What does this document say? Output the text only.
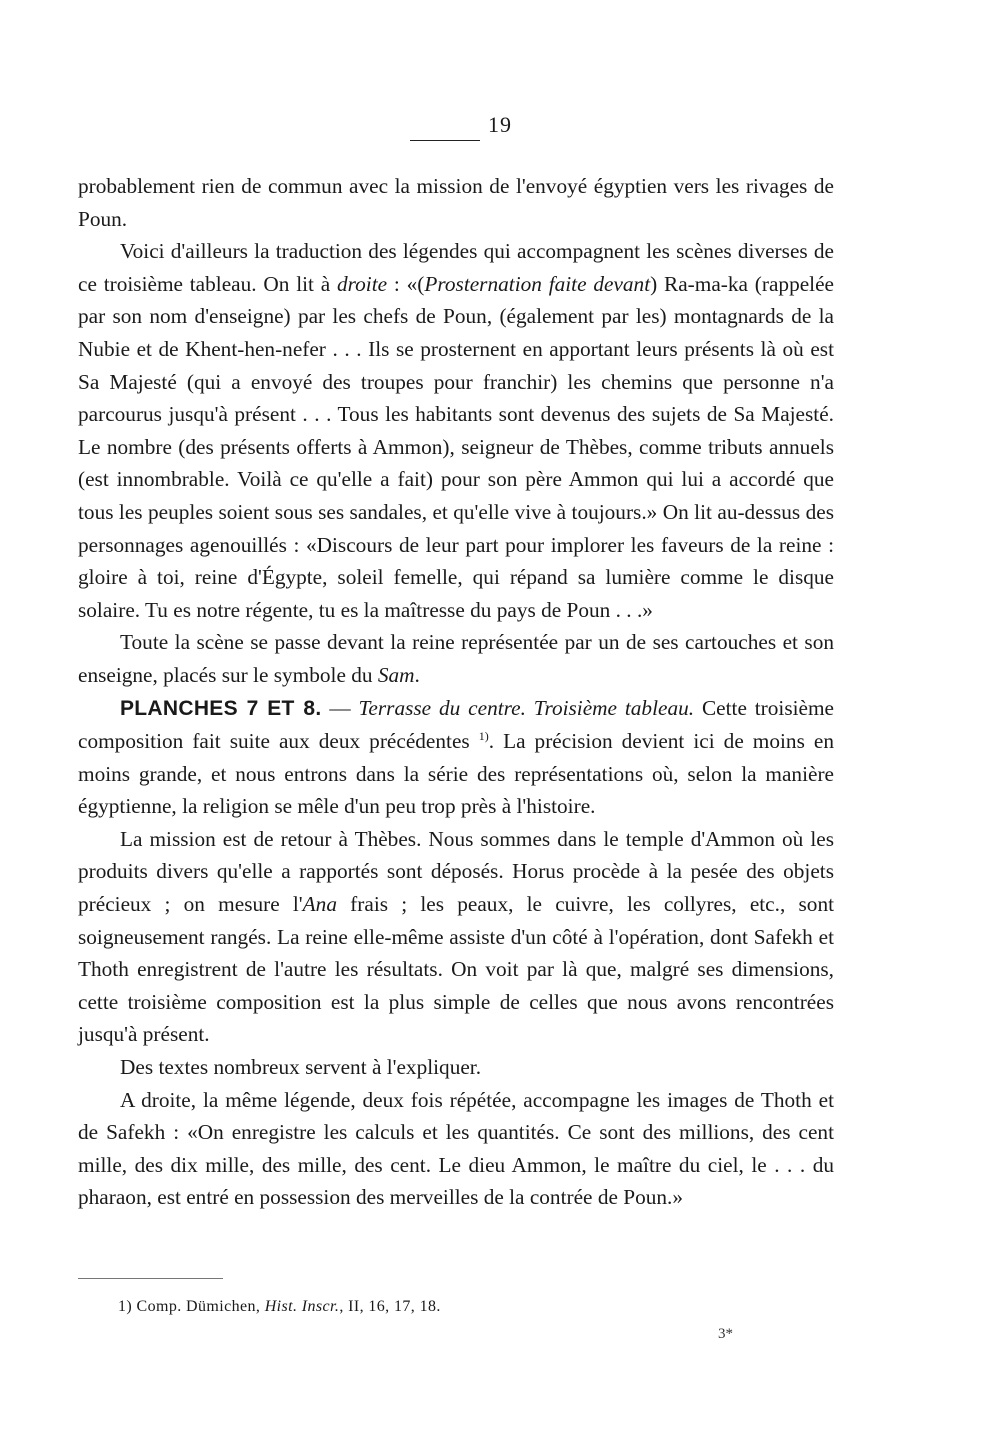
19

probablement rien de commun avec la mission de l'envoyé égyptien vers les rivages de Poun.

Voici d'ailleurs la traduction des légendes qui accompagnent les scènes diverses de ce troisième tableau. On lit à droite : «(Prosternation faite devant) Ra-ma-ka (rappelée par son nom d'enseigne) par les chefs de Poun, (également par les) montagnards de la Nubie et de Khent-hen-nefer . . . Ils se prosternent en apportant leurs présents là où est Sa Majesté (qui a envoyé des troupes pour franchir) les chemins que personne n'a parcourus jusqu'à présent . . . Tous les habitants sont devenus des sujets de Sa Majesté. Le nombre (des présents offerts à Ammon), seigneur de Thèbes, comme tributs annuels (est innombrable. Voilà ce qu'elle a fait) pour son père Ammon qui lui a accordé que tous les peuples soient sous ses sandales, et qu'elle vive à toujours.» On lit au-dessus des personnages agenouillés : «Discours de leur part pour implorer les faveurs de la reine : gloire à toi, reine d'Égypte, soleil femelle, qui répand sa lumière comme le disque solaire. Tu es notre régente, tu es la maîtresse du pays de Poun . . .»

Toute la scène se passe devant la reine représentée par un de ses cartouches et son enseigne, placés sur le symbole du Sam.

PLANCHES 7 ET 8. — Terrasse du centre. Troisième tableau. Cette troisième composition fait suite aux deux précédentes $^{1)}$. La précision devient ici de moins en moins grande, et nous entrons dans la série des représentations où, selon la manière égyptienne, la religion se mêle d'un peu trop près à l'histoire.

La mission est de retour à Thèbes. Nous sommes dans le temple d'Ammon où les produits divers qu'elle a rapportés sont déposés. Horus procède à la pesée des objets précieux ; on mesure l'Ana frais ; les peaux, le cuivre, les collyres, etc., sont soigneusement rangés. La reine elle-même assiste d'un côté à l'opération, dont Safekh et Thoth enregistrent de l'autre les résultats. On voit par là que, malgré ses dimensions, cette troisième composition est la plus simple de celles que nous avons rencontrées jusqu'à présent.

Des textes nombreux servent à l'expliquer.

A droite, la même légende, deux fois répétée, accompagne les images de Thoth et de Safekh : «On enregistre les calculs et les quantités. Ce sont des millions, des cent mille, des dix mille, des mille, des cent. Le dieu Ammon, le maître du ciel, le . . . du pharaon, est entré en possession des merveilles de la contrée de Poun.»

1) Comp. Dümichen, Hist. Inscr., II, 16, 17, 18.
3*
